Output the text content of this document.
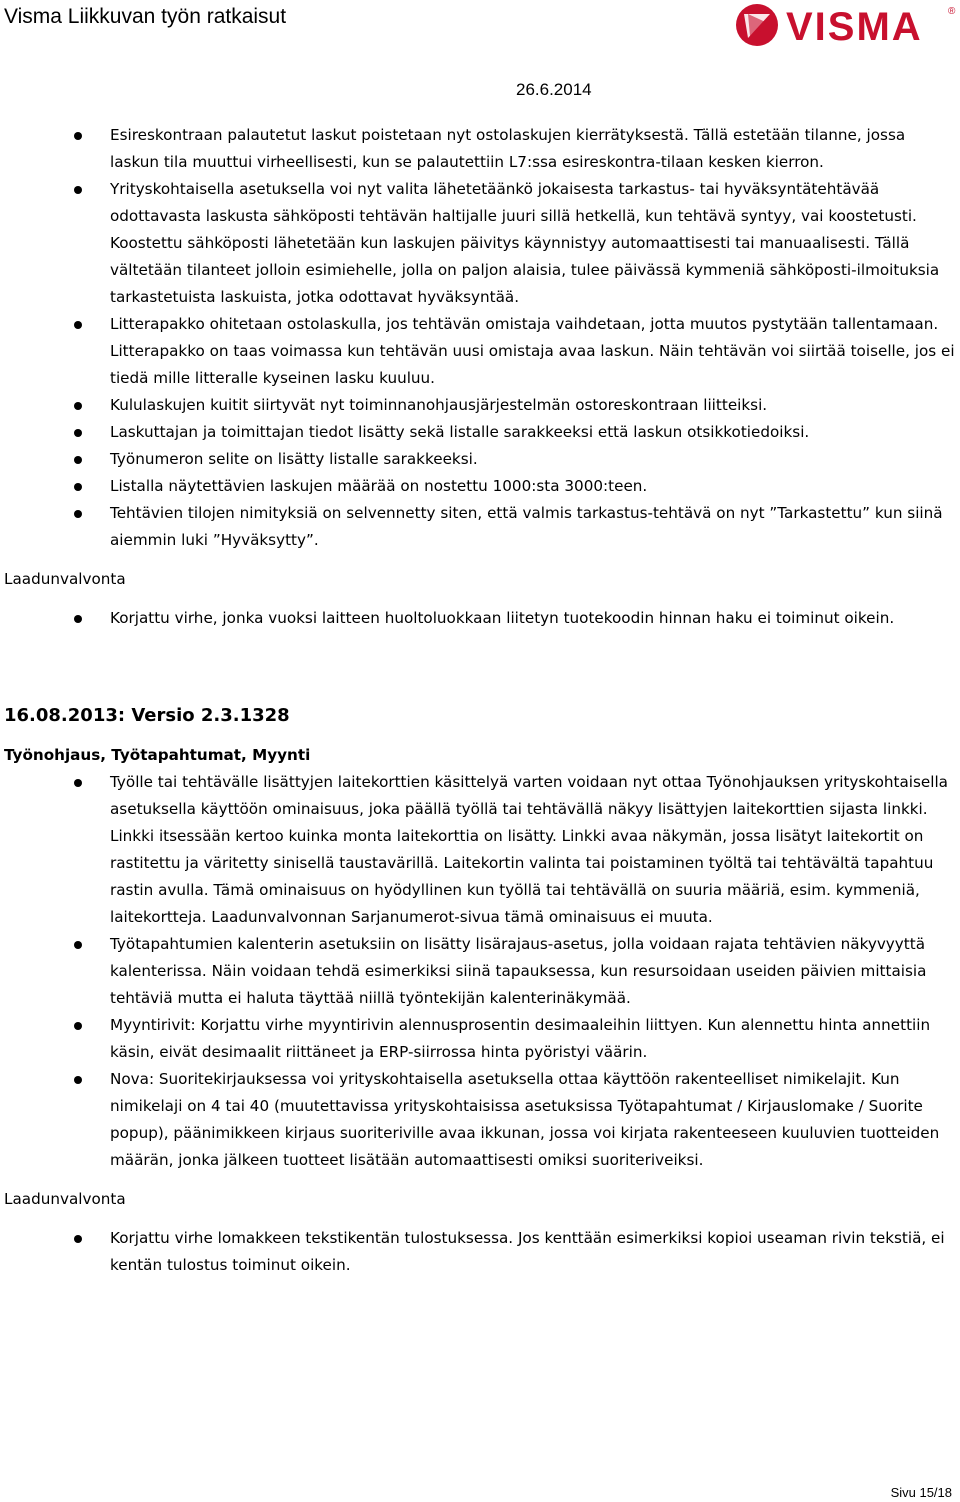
Visma Liikkuvan työn ratkaisut	VISMA	®
26.6.2014
Esireskontraan palautetut laskut poistetaan nyt ostolaskujen kierrätyksestä. Tällä estetään tilanne, jossa laskun tila muuttui virheellisesti, kun se palautettiin L7:ssa esireskontra-tilaan kesken kierron.
Yrityskohtaisella asetuksella voi nyt valita lähetetäänkö jokaisesta tarkastus- tai hyväksyntätehtävää odottavasta laskusta sähköposti tehtävän haltijalle juuri sillä hetkellä, kun tehtävä syntyy, vai koostetusti. Koostettu sähköposti lähetetään kun laskujen päivitys käynnistyy automaattisesti tai manuaalisesti. Tällä vältetään tilanteet jolloin esimiehelle, jolla on paljon alaisia, tulee päivässä kymmeniä sähköposti-ilmoituksia tarkastetuista laskuista, jotka odottavat hyväksyntää.
Litterapakko ohitetaan ostolaskulla, jos tehtävän omistaja vaihdetaan, jotta muutos pystytään tallentamaan. Litterapakko on taas voimassa kun tehtävän uusi omistaja avaa laskun. Näin tehtävän voi siirtää toiselle, jos ei tiedä mille litteralle kyseinen lasku kuuluu.
Kululaskujen kuitit siirtyvät nyt toiminnanohjausjärjestelmän ostoreskontraan liitteiksi.
Laskuttajan ja toimittajan tiedot lisätty sekä listalle sarakkeeksi että laskun otsikkotiedoiksi.
Työnumeron selite on lisätty listalle sarakkeeksi.
Listalla näytettävien laskujen määrää on nostettu 1000:sta 3000:teen.
Tehtävien tilojen nimityksiä on selvennetty siten, että valmis tarkastus-tehtävä on nyt ”Tarkastettu” kun siinä aiemmin luki ”Hyväksytty”.
Laadunvalvonta
Korjattu virhe, jonka vuoksi laitteen huoltoluokkaan liitetyn tuotekoodin hinnan haku ei toiminut oikein.
16.08.2013: Versio 2.3.1328
Työnohjaus, Työtapahtumat, Myynti
Työlle tai tehtävälle lisättyjen laitekorttien käsittelyä varten voidaan nyt ottaa Työnohjauksen yrityskohtaisella asetuksella käyttöön ominaisuus, joka päällä työllä tai tehtävällä näkyy lisättyjen laitekorttien sijasta linkki. Linkki itsessään kertoo kuinka monta laitekorttia on lisätty. Linkki avaa näkymän, jossa lisätyt laitekortit on rastitettu ja väritetty sinisellä taustavärillä. Laitekortin valinta tai poistaminen työltä tai tehtävältä tapahtuu rastin avulla. Tämä ominaisuus on hyödyllinen kun työllä tai tehtävällä on suuria määriä, esim. kymmeniä, laitekortteja. Laadunvalvonnan Sarjanumerot-sivua tämä ominaisuus ei muuta.
Työtapahtumien kalenterin asetuksiin on lisätty lisärajaus-asetus, jolla voidaan rajata tehtävien näkyvyyttä kalenterissa. Näin voidaan tehdä esimerkiksi siinä tapauksessa, kun resursoidaan useiden päivien mittaisia tehtäviä mutta ei haluta täyttää niillä työntekijän kalenterinäkymää.
Myyntirivit: Korjattu virhe myyntirivin alennusprosentin desimaaleihin liittyen. Kun alennettu hinta annettiin käsin, eivät desimaalit riittäneet ja ERP-siirrossa hinta pyöristyi väärin.
Nova: Suoritekirjauksessa voi yrityskohtaisella asetuksella ottaa käyttöön rakenteelliset nimikelajit. Kun nimikelaji on 4 tai 40 (muutettavissa yrityskohtaisissa asetuksissa Työtapahtumat / Kirjauslomake / Suorite popup), päänimikkeen kirjaus suoriteriville avaa ikkunan, jossa voi kirjata rakenteeseen kuuluvien tuotteiden määrän, jonka jälkeen tuotteet lisätään automaattisesti omiksi suoriteriveiksi.
Laadunvalvonta
Korjattu virhe lomakkeen tekstikentän tulostuksessa. Jos kenttään esimerkiksi kopioi useaman rivin tekstiä, ei kentän tulostus toiminut oikein.
Sivu 15/18
